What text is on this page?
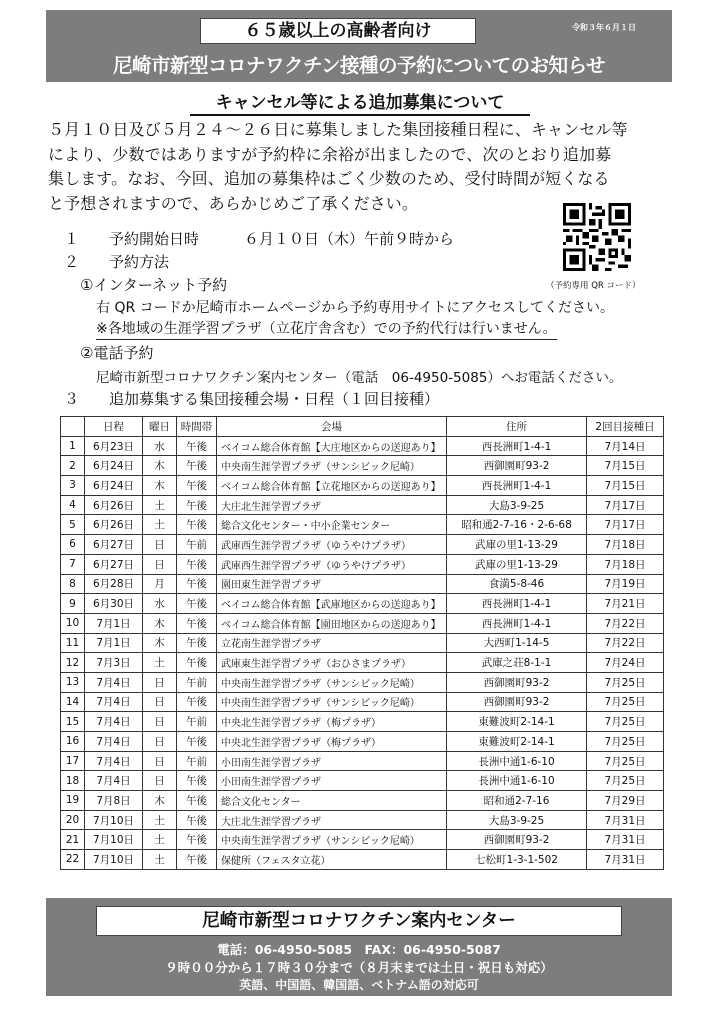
６５歳以上の高齢者向け	令和３年６月１日
尼崎市新型コロナワクチン接種の予約についてのお知らせ
キャンセル等による追加募集について

５月１０日及び５月２４～２６日に募集しました集団接種日程に、キャンセル等

により、少数ではありますが予約枠に余裕が出ましたので、次のとおり追加募

集します。なお、今回、追加の募集枠はごく少数のため、受付時間が短くなる

と予想されますので、あらかじめご了承ください。

１　　予約開始日時　　　６月１０日（木）午前９時から
２　　予約方法
（予約専用 QR コード）
①インターネット予約
右 QR コードか尼崎市ホームページから予約専用サイトにアクセスしてください。
※各地域の生涯学習プラザ（立花庁舎含む）での予約代行は行いません。
②電話予約
尼崎市新型コロナワクチン案内センター（電話　06-4950-5085）へお電話ください。
３　　追加募集する集団接種会場・日程（１回目接種）
	日程	曜日	時間帯	会場	住所	2回目接種日
1	6月23日	水	午後	ベイコム総合体育館【大庄地区からの送迎あり】	西長洲町1-4-1	7月14日
2	6月24日	木	午後	中央南生涯学習プラザ（サンシビック尼崎）	西御園町93-2	7月15日
3	6月24日	木	午後	ベイコム総合体育館【立花地区からの送迎あり】	西長洲町1-4-1	7月15日
4	6月26日	土	午後	大庄北生涯学習プラザ	大島3-9-25	7月17日
5	6月26日	土	午後	総合文化センター・中小企業センター	昭和通2-7-16・2-6-68	7月17日
6	6月27日	日	午前	武庫西生涯学習プラザ（ゆうやけプラザ）	武庫の里1-13-29	7月18日
7	6月27日	日	午後	武庫西生涯学習プラザ（ゆうやけプラザ）	武庫の里1-13-29	7月18日
8	6月28日	月	午後	園田東生涯学習プラザ	食満5-8-46	7月19日
9	6月30日	水	午後	ベイコム総合体育館【武庫地区からの送迎あり】	西長洲町1-4-1	7月21日
10	7月1日	木	午後	ベイコム総合体育館【園田地区からの送迎あり】	西長洲町1-4-1	7月22日
11	7月1日	木	午後	立花南生涯学習プラザ	大西町1-14-5	7月22日
12	7月3日	土	午後	武庫東生涯学習プラザ（おひさまプラザ）	武庫之荘8-1-1	7月24日
13	7月4日	日	午前	中央南生涯学習プラザ（サンシビック尼崎）	西御園町93-2	7月25日
14	7月4日	日	午後	中央南生涯学習プラザ（サンシビック尼崎）	西御園町93-2	7月25日
15	7月4日	日	午前	中央北生涯学習プラザ（梅プラザ）	東難波町2-14-1	7月25日
16	7月4日	日	午後	中央北生涯学習プラザ（梅プラザ）	東難波町2-14-1	7月25日
17	7月4日	日	午前	小田南生涯学習プラザ	長洲中通1-6-10	7月25日
18	7月4日	日	午後	小田南生涯学習プラザ	長洲中通1-6-10	7月25日
19	7月8日	木	午後	総合文化センター	昭和通2-7-16	7月29日
20	7月10日	土	午後	大庄北生涯学習プラザ	大島3-9-25	7月31日
21	7月10日	土	午後	中央南生涯学習プラザ（サンシビック尼崎）	西御園町93-2	7月31日
22	7月10日	土	午後	保健所（フェスタ立花）	七松町1-3-1-502	7月31日
尼崎市新型コロナワクチン案内センター
電話：06-4950-5085　FAX：06-4950-5087
９時００分から１７時３０分まで（８月末までは土日・祝日も対応）
英語、中国語、韓国語、ベトナム語の対応可
